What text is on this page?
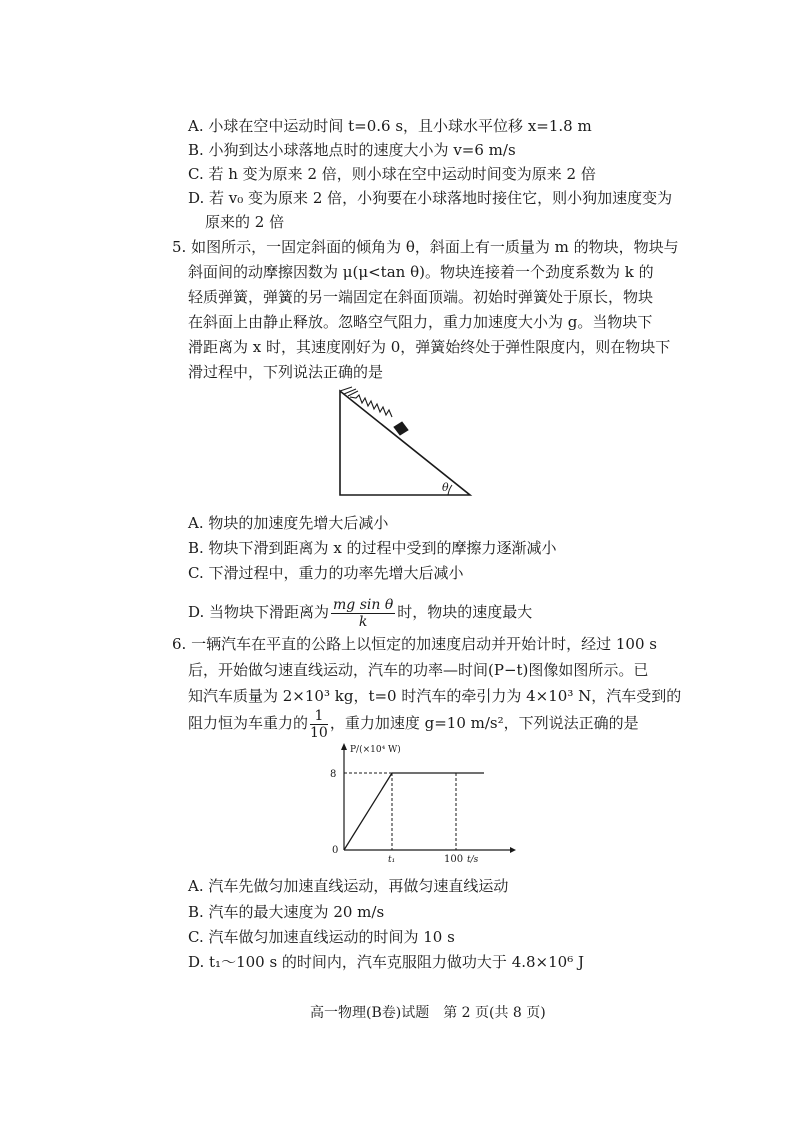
A. 小球在空中运动时间 t=0.6 s，且小球水平位移 x=1.8 m
B. 小狗到达小球落地点时的速度大小为 v=6 m/s
C. 若 h 变为原来 2 倍，则小球在空中运动时间变为原来 2 倍
D. 若 v₀ 变为原来 2 倍，小狗要在小球落地时接住它，则小狗加速度变为
原来的 2 倍
5. 如图所示，一固定斜面的倾角为 θ，斜面上有一质量为 m 的物块，物块与
斜面间的动摩擦因数为 μ(μ<tan θ)。物块连接着一个劲度系数为 k 的
轻质弹簧，弹簧的另一端固定在斜面顶端。初始时弹簧处于原长，物块
在斜面上由静止释放。忽略空气阻力，重力加速度大小为 g。当物块下
滑距离为 x 时，其速度刚好为 0，弹簧始终处于弹性限度内，则在物块下
滑过程中，下列说法正确的是
θ
A. 物块的加速度先增大后减小
B. 物块下滑到距离为 x 的过程中受到的摩擦力逐渐减小
C. 下滑过程中，重力的功率先增大后减小
D. 当物块下滑距离为 $\frac{\text{mg sin θ}}{k}$ 时，物块的速度最大
6. 一辆汽车在平直的公路上以恒定的加速度启动并开始计时，经过 100 s
后，开始做匀速直线运动，汽车的功率—时间(P−t)图像如图所示。已
知汽车质量为 2×10³ kg，t=0 时汽车的牵引力为 4×10³ N，汽车受到的
阻力恒为车重力的 $\frac{1}{10}$ ，重力加速度 g=10 m/s²，下列说法正确的是
P/(×10⁴ W)
8
0
t₁	100 t/s
A. 汽车先做匀加速直线运动，再做匀速直线运动
B. 汽车的最大速度为 20 m/s
C. 汽车做匀加速直线运动的时间为 10 s
D. t₁～100 s 的时间内，汽车克服阻力做功大于 4.8×10⁶ J
高一物理(B卷)试题　第 2 页(共 8 页)
